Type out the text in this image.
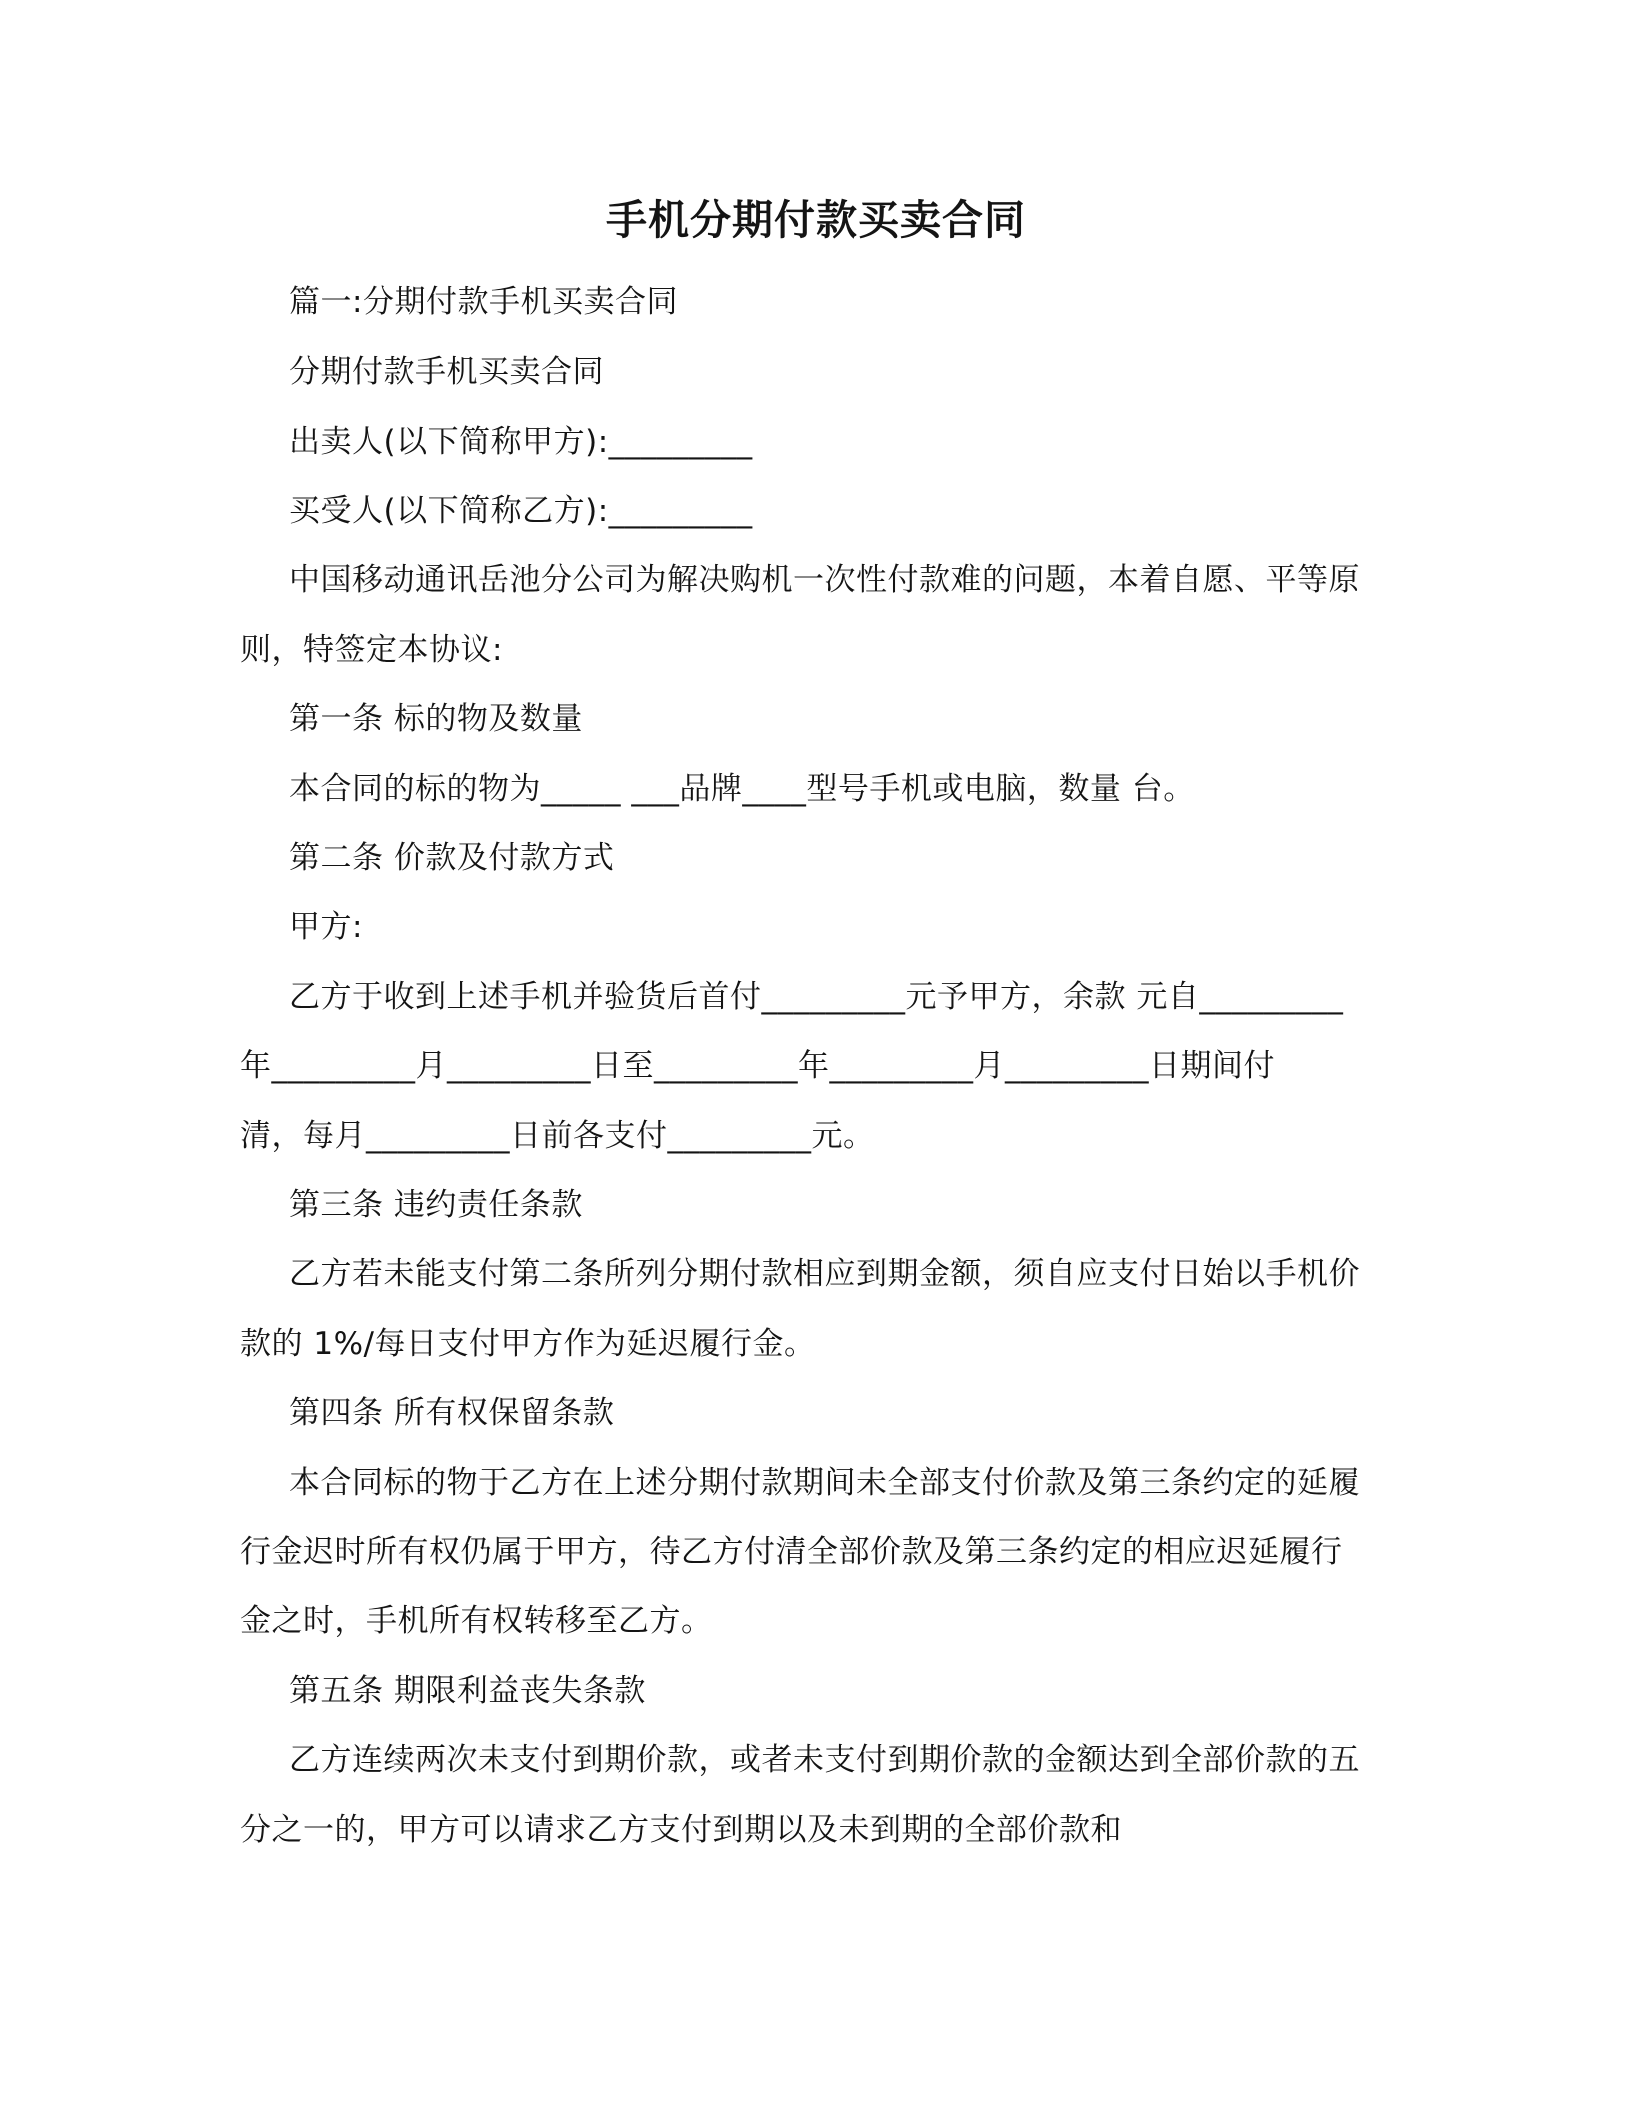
手机分期付款买卖合同
篇一:分期付款手机买卖合同
分期付款手机买卖合同
出卖人(以下简称甲方):_________
买受人(以下简称乙方):_________
中国移动通讯岳池分公司为解决购机一次性付款难的问题，本着自愿、平等原
则，特签定本协议:
第一条 标的物及数量
本合同的标的物为_____ ___品牌____型号手机或电脑，数量 台。
第二条 价款及付款方式
甲方:
乙方于收到上述手机并验货后首付_________元予甲方，余款 元自_________
年_________月_________日至_________年_________月_________日期间付
清，每月_________日前各支付_________元。
第三条 违约责任条款
乙方若未能支付第二条所列分期付款相应到期金额，须自应支付日始以手机价
款的 1%/每日支付甲方作为延迟履行金。
第四条 所有权保留条款
本合同标的物于乙方在上述分期付款期间未全部支付价款及第三条约定的延履
行金迟时所有权仍属于甲方，待乙方付清全部价款及第三条约定的相应迟延履行
金之时，手机所有权转移至乙方。
第五条 期限利益丧失条款
乙方连续两次未支付到期价款，或者未支付到期价款的金额达到全部价款的五
分之一的，甲方可以请求乙方支付到期以及未到期的全部价款和
